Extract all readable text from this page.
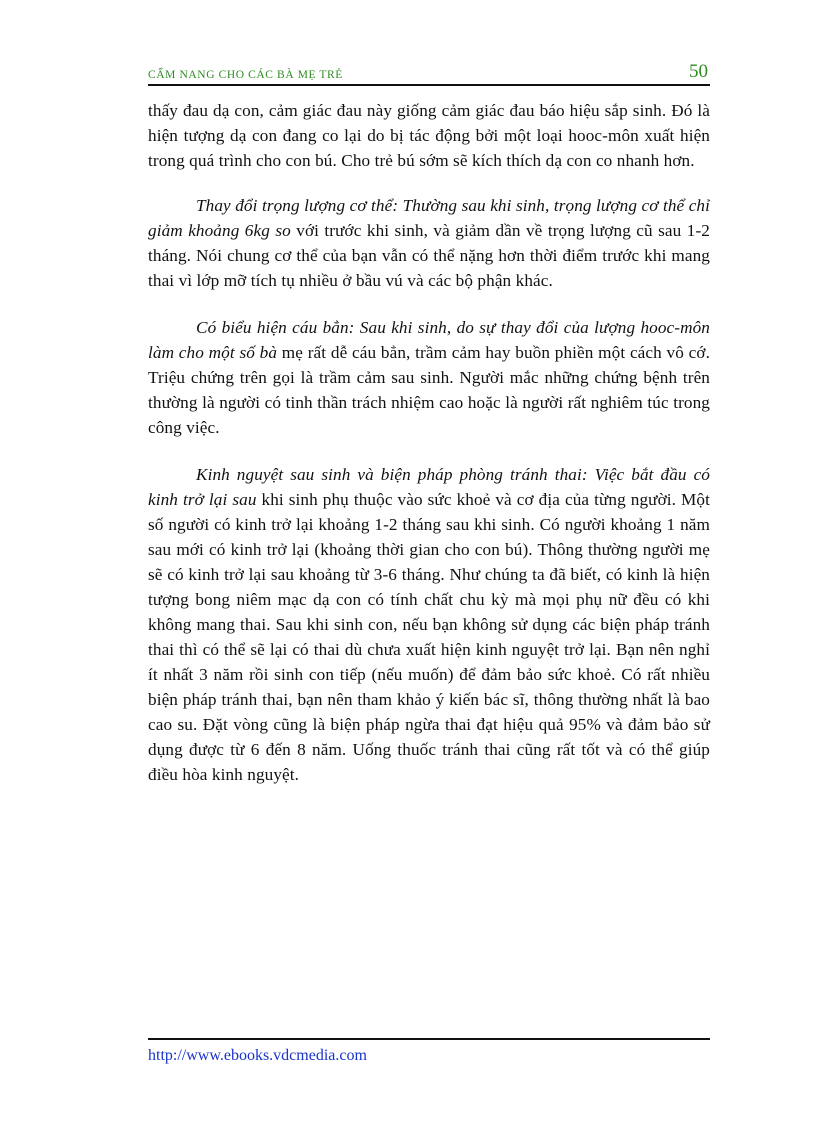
CẨM NANG CHO CÁC BÀ MẸ TRẺ	50

thấy đau dạ con, cảm giác đau này giống cảm giác đau báo hiệu sắp sinh. Đó là hiện tượng dạ con đang co lại do bị tác động bởi một loại hooc-môn xuất hiện trong quá trình cho con bú. Cho trẻ bú sớm sẽ kích thích dạ con co nhanh hơn.

Thay đổi trọng lượng cơ thể: Thường sau khi sinh, trọng lượng cơ thể chỉ giảm khoảng 6kg so với trước khi sinh, và giảm dần về trọng lượng cũ sau 1-2 tháng. Nói chung cơ thể của bạn vẫn có thể nặng hơn thời điểm trước khi mang thai vì lớp mỡ tích tụ nhiều ở bầu vú và các bộ phận khác.

Có biểu hiện cáu bẳn: Sau khi sinh, do sự thay đổi của lượng hooc-môn làm cho một số bà mẹ rất dễ cáu bẳn, trầm cảm hay buồn phiền một cách vô cớ. Triệu chứng trên gọi là trầm cảm sau sinh. Người mắc những chứng bệnh trên thường là người có tinh thần trách nhiệm cao hoặc là người rất nghiêm túc trong công việc.

Kinh nguyệt sau sinh và biện pháp phòng tránh thai: Việc bắt đầu có kinh trở lại sau khi sinh phụ thuộc vào sức khoẻ và cơ địa của từng người. Một số người có kinh trở lại khoảng 1-2 tháng sau khi sinh. Có người khoảng 1 năm sau mới có kinh trở lại (khoảng thời gian cho con bú). Thông thường người mẹ sẽ có kinh trở lại sau khoảng từ 3-6 tháng. Như chúng ta đã biết, có kinh là hiện tượng bong niêm mạc dạ con có tính chất chu kỳ mà mọi phụ nữ đều có khi không mang thai. Sau khi sinh con, nếu bạn không sử dụng các biện pháp tránh thai thì có thể sẽ lại có thai dù chưa xuất hiện kinh nguyệt trở lại. Bạn nên nghỉ ít nhất 3 năm rồi sinh con tiếp (nếu muốn) để đảm bảo sức khoẻ. Có rất nhiều biện pháp tránh thai, bạn nên tham khảo ý kiến bác sĩ, thông thường nhất là bao cao su. Đặt vòng cũng là biện pháp ngừa thai đạt hiệu quả 95% và đảm bảo sử dụng được từ 6 đến 8 năm. Uống thuốc tránh thai cũng rất tốt và có thể giúp điều hòa kinh nguyệt.

http://www.ebooks.vdcmedia.com
